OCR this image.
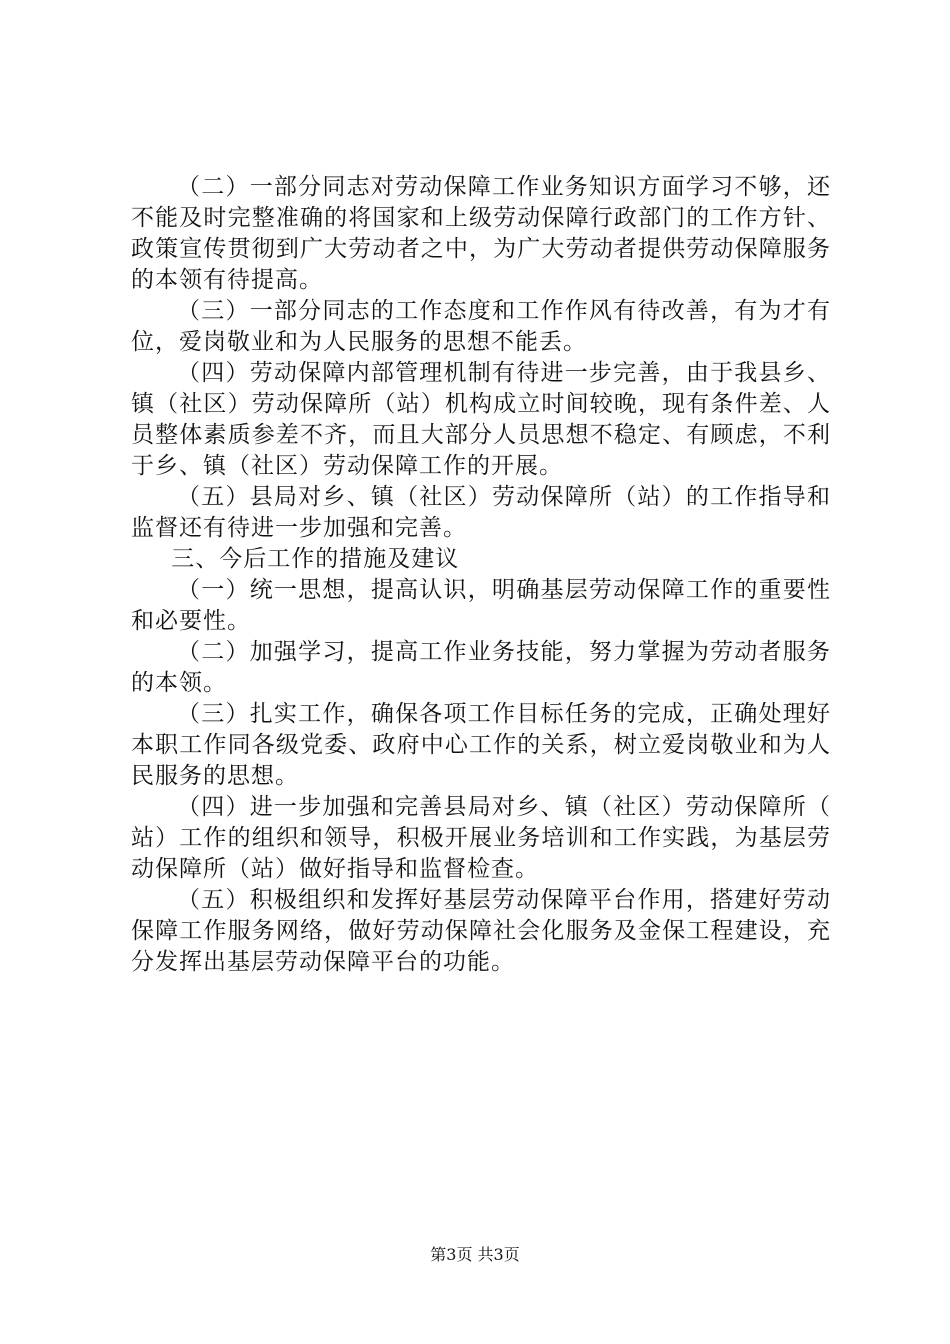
（二）一部分同志对劳动保障工作业务知识方面学习不够，还不能及时完整准确的将国家和上级劳动保障行政部门的工作方针、政策宣传贯彻到广大劳动者之中，为广大劳动者提供劳动保障服务的本领有待提高。

（三）一部分同志的工作态度和工作作风有待改善，有为才有位，爱岗敬业和为人民服务的思想不能丢。

（四）劳动保障内部管理机制有待进一步完善，由于我县乡、镇（社区）劳动保障所（站）机构成立时间较晚，现有条件差、人员整体素质参差不齐，而且大部分人员思想不稳定、有顾虑，不利于乡、镇（社区）劳动保障工作的开展。

（五）县局对乡、镇（社区）劳动保障所（站）的工作指导和监督还有待进一步加强和完善。

三、今后工作的措施及建议

（一）统一思想，提高认识，明确基层劳动保障工作的重要性和必要性。

（二）加强学习，提高工作业务技能，努力掌握为劳动者服务的本领。

（三）扎实工作，确保各项工作目标任务的完成，正确处理好本职工作同各级党委、政府中心工作的关系，树立爱岗敬业和为人民服务的思想。

（四）进一步加强和完善县局对乡、镇（社区）劳动保障所（站）工作的组织和领导，积极开展业务培训和工作实践，为基层劳动保障所（站）做好指导和监督检查。

（五）积极组织和发挥好基层劳动保障平台作用，搭建好劳动保障工作服务网络，做好劳动保障社会化服务及金保工程建设，充分发挥出基层劳动保障平台的功能。

第3页 共3页
